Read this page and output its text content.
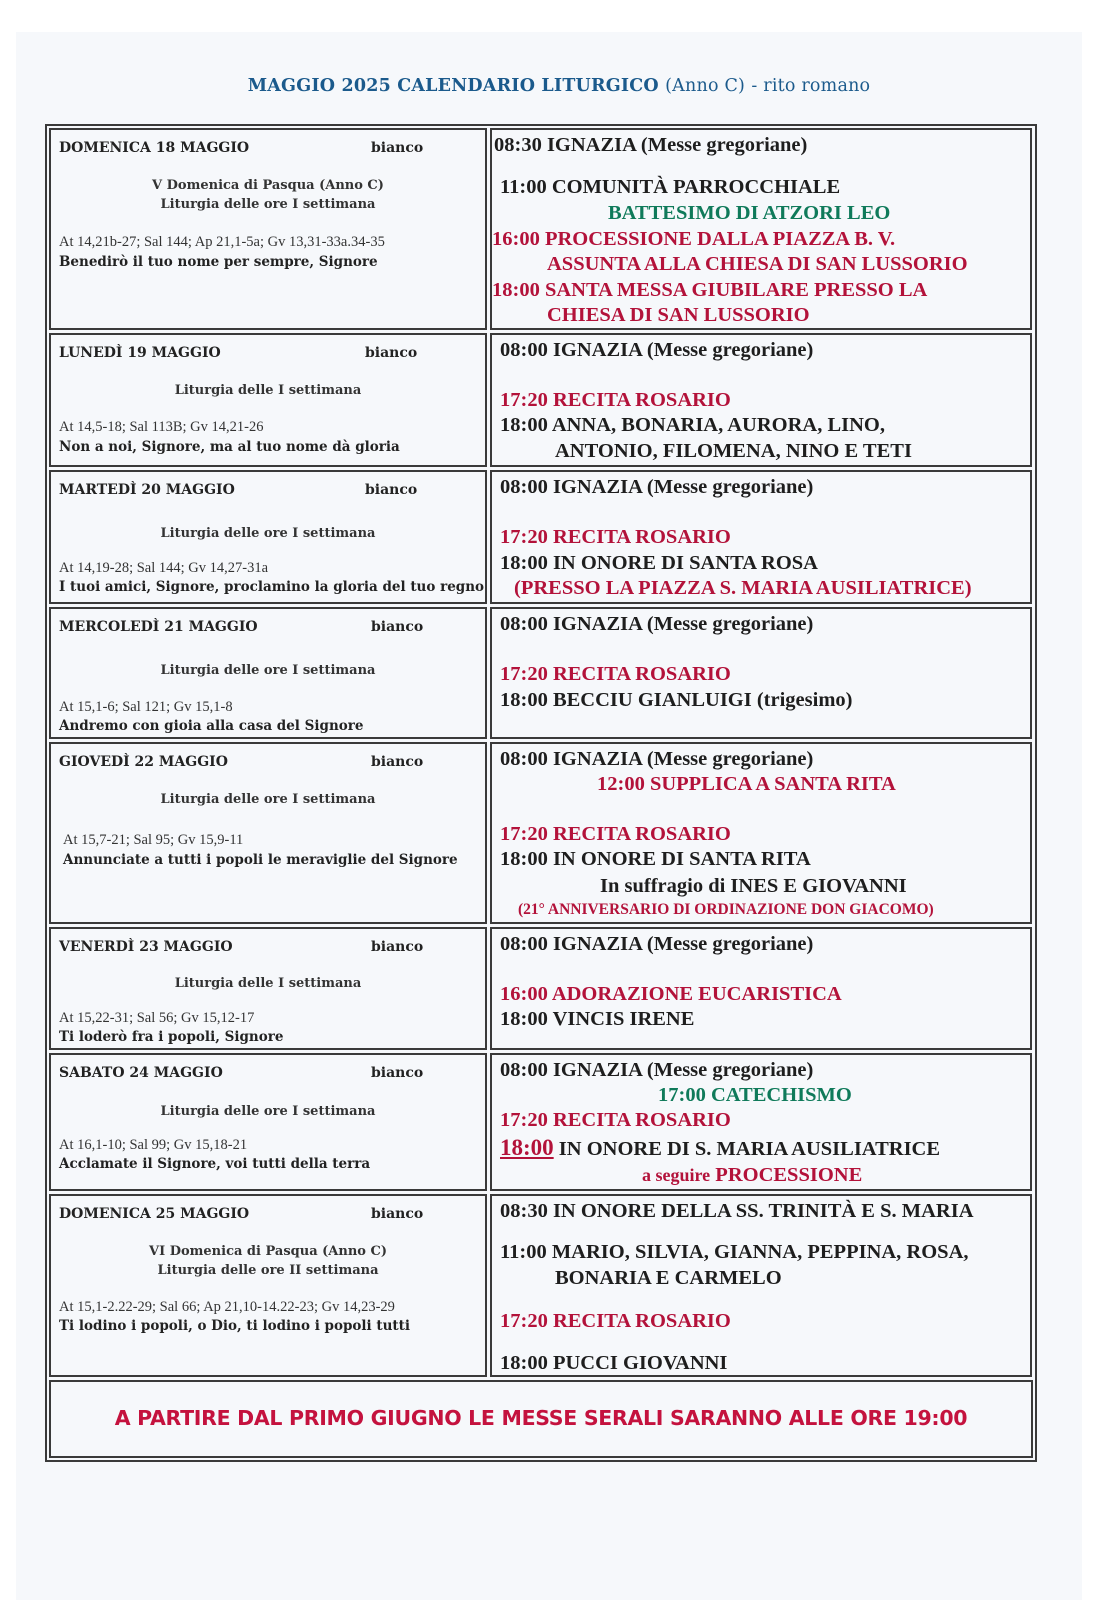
MAGGIO 2025 CALENDARIO LITURGICO (Anno C) - rito romano
DOMENICA 18 MAGGIO	bianco
V Domenica di Pasqua (Anno C)
Liturgia delle ore I settimana
At 14,21b-27; Sal 144; Ap 21,1-5a; Gv 13,31-33a.34-35
Benedirò il tuo nome per sempre, Signore
08:30 IGNAZIA (Messe gregoriane)
11:00 COMUNITÀ PARROCCHIALE
BATTESIMO DI ATZORI LEO
16:00 PROCESSIONE DALLA PIAZZA B. V.
ASSUNTA ALLA CHIESA DI SAN LUSSORIO
18:00 SANTA MESSA GIUBILARE PRESSO LA
CHIESA DI SAN LUSSORIO
LUNEDÌ 19 MAGGIO	bianco
Liturgia delle I settimana
At 14,5-18; Sal 113B; Gv 14,21-26
Non a noi, Signore, ma al tuo nome dà gloria
08:00 IGNAZIA (Messe gregoriane)
17:20 RECITA ROSARIO
18:00 ANNA, BONARIA, AURORA, LINO,
ANTONIO, FILOMENA, NINO E TETI
MARTEDÌ 20 MAGGIO	bianco
Liturgia delle ore I settimana
At 14,19-28; Sal 144; Gv 14,27-31a
I tuoi amici, Signore, proclamino la gloria del tuo regno
08:00 IGNAZIA (Messe gregoriane)
17:20 RECITA ROSARIO
18:00 IN ONORE DI SANTA ROSA
(PRESSO LA PIAZZA S. MARIA AUSILIATRICE)
MERCOLEDÌ 21 MAGGIO	bianco
Liturgia delle ore I settimana
At 15,1-6; Sal 121; Gv 15,1-8
Andremo con gioia alla casa del Signore
08:00 IGNAZIA (Messe gregoriane)
17:20 RECITA ROSARIO
18:00 BECCIU GIANLUIGI (trigesimo)
GIOVEDÌ 22 MAGGIO	bianco
Liturgia delle ore I settimana
At 15,7-21; Sal 95; Gv 15,9-11
Annunciate a tutti i popoli le meraviglie del Signore
08:00 IGNAZIA (Messe gregoriane)
12:00 SUPPLICA A SANTA RITA
17:20 RECITA ROSARIO
18:00 IN ONORE DI SANTA RITA
In suffragio di INES E GIOVANNI
(21° ANNIVERSARIO DI ORDINAZIONE DON GIACOMO)
VENERDÌ 23 MAGGIO	bianco
Liturgia delle I settimana
At 15,22-31; Sal 56; Gv 15,12-17
Ti loderò fra i popoli, Signore
08:00 IGNAZIA (Messe gregoriane)
16:00 ADORAZIONE EUCARISTICA
18:00 VINCIS IRENE
SABATO 24 MAGGIO	bianco
Liturgia delle ore I settimana
At 16,1-10; Sal 99; Gv 15,18-21
Acclamate il Signore, voi tutti della terra
08:00 IGNAZIA (Messe gregoriane)
17:00 CATECHISMO
17:20 RECITA ROSARIO
18:00 IN ONORE DI S. MARIA AUSILIATRICE
a seguire PROCESSIONE
DOMENICA 25 MAGGIO	bianco
VI Domenica di Pasqua (Anno C)
Liturgia delle ore II settimana
At 15,1-2.22-29; Sal 66; Ap 21,10-14.22-23; Gv 14,23-29
Ti lodino i popoli, o Dio, ti lodino i popoli tutti
08:30 IN ONORE DELLA SS. TRINITÀ E S. MARIA
11:00 MARIO, SILVIA, GIANNA, PEPPINA, ROSA,
BONARIA E CARMELO
17:20 RECITA ROSARIO
18:00 PUCCI GIOVANNI
A PARTIRE DAL PRIMO GIUGNO LE MESSE SERALI SARANNO ALLE ORE 19:00
